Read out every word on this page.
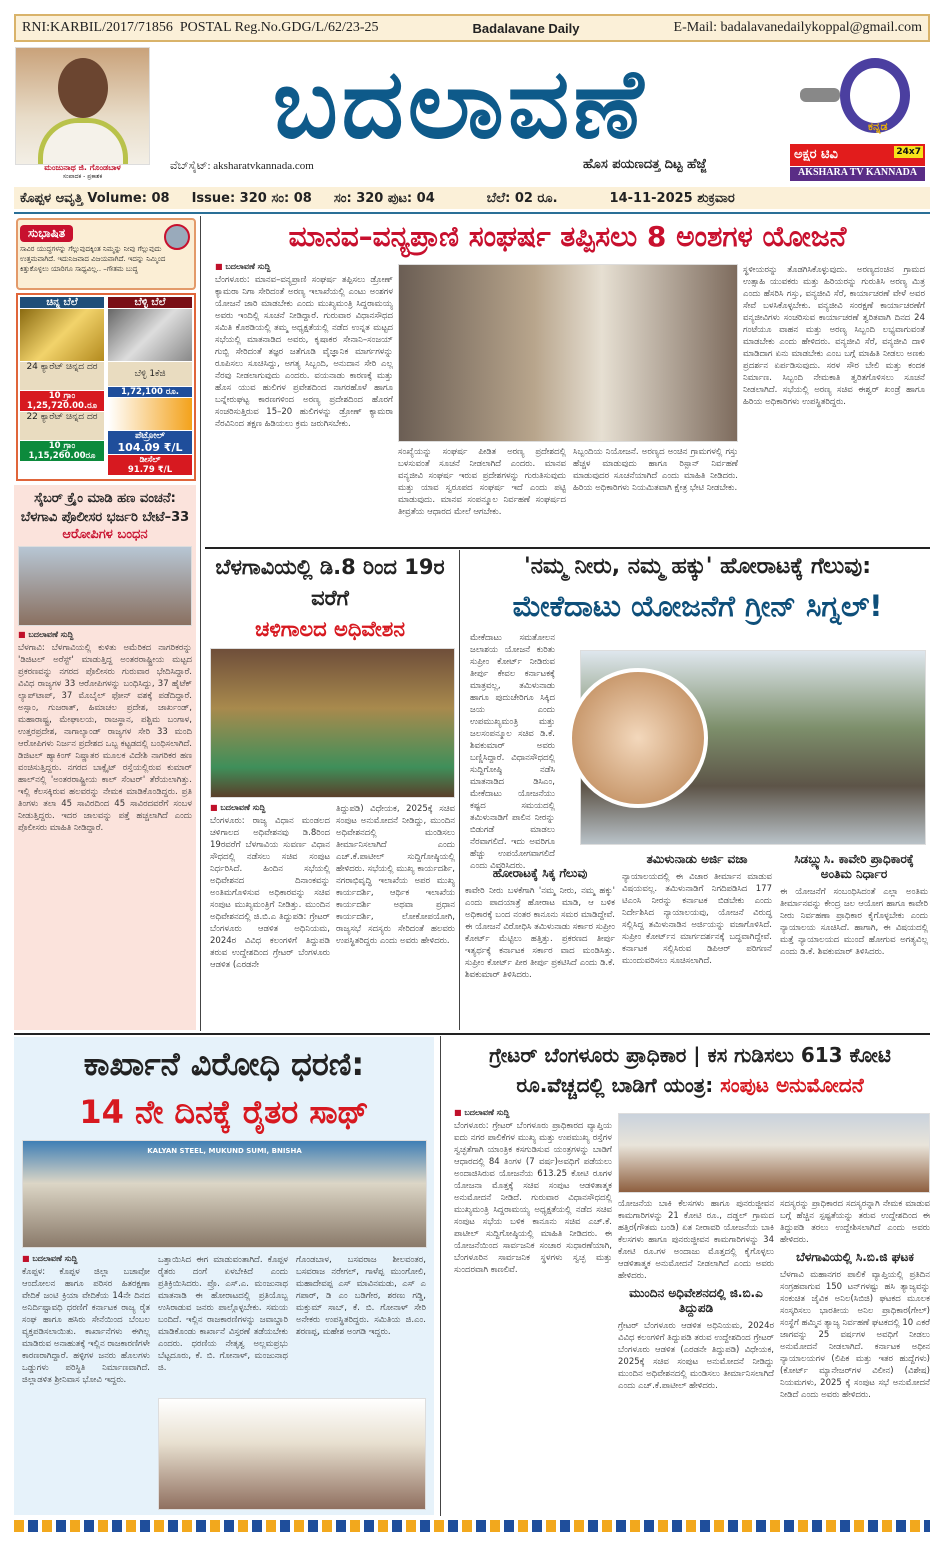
RNI:KARBIL/2017/71856 POSTAL Reg.No.GDG/L/62/23-25	Badalavane Daily	E-Mail: badalavanedailykoppal@gmail.com
ಮಂಜುನಾಥ ಜಿ. ಗೊಂಡಬಾಳ
ಸಂಪಾದಕ - ಪ್ರಕಾಶಕ
ಬದಲಾವಣೆ
ವೆಬ್‌ಸೈಟ್: aksharatvkannada.com	ಹೊಸ ಪಯಣದತ್ತ ದಿಟ್ಟ ಹೆಜ್ಜೆ
ಕನ್ನಡ
ಅಕ್ಷರ ಟಿವಿ	24x7
AKSHARA TV KANNADA
ಕೊಪ್ಪಳ ಆವೃತ್ತಿ Volume: 08 Issue: 320 ಸಂ: 08 ಸಂ: 320 ಪುಟ: 04	ಬೆಲೆ: 02 ರೂ.	14-11-2025 ಶುಕ್ರವಾರ
ಸುಭಾಷಿತ
ಸಾವಿರ ಯುದ್ಧಗಳನ್ನು ಗೆಲ್ಲುವುದಕ್ಕಿಂತ ನಿಮ್ಮನ್ನು ನೀವು ಗೆಲ್ಲುವುದು ಉತ್ತಮವಾಗಿದೆ. ಇದುನಿಜವಾದ ವಿಜಯವಾಗಿದೆ. ಇದನ್ನು ನಿಮ್ಮಿಂದ ಕಿತ್ತುಕೊಳ್ಳಲು ಯಾರಿಗೂ ಸಾಧ್ಯವಿಲ್ಲ.. –ಗೌತಮ ಬುದ್ಧ
ಚಿನ್ನ ಬೆಲೆ
24 ಕ್ಯಾರೆಟ್ ಚಿನ್ನದ ದರ
10 ಗ್ರಾಂ
1,25,720.00.ರೂ
22 ಕ್ಯಾರೆಟ್ ಚಿನ್ನದ ದರ
10 ಗ್ರಾಂ
1,15,260.00ರೂ
ಬೆಳ್ಳಿ ಬೆಲೆ
ಬೆಳ್ಳಿ 1ಕೆಜಿ
1,72,100 ರೂ.
ಪೆಟ್ರೋಲ್
104.09 ₹/L
ಡೀಸೆಲ್
91.79 ₹/L
ಸೈಬರ್ ಕ್ರೈಂ ಮಾಡಿ ಹಣ ವಂಚನೆ: ಬೆಳಗಾವಿ ಪೊಲೀಸರ ಭರ್ಜರಿ ಬೇಟೆ–33
ಆರೋಪಿಗಳ ಬಂಧನ
■ ಬದಲಾವಣೆ ಸುದ್ದಿ
ಬೆಳಗಾವಿ: ಬೆಳಗಾವಿಯಲ್ಲಿ ಕುಳಿತು ಅಮೆರಿಕದ ನಾಗರಿಕರನ್ನು 'ಡಿಜಿಟಲ್ ಅರೆಸ್ಟ್' ಮಾಡುತ್ತಿದ್ದ ಅಂತರರಾಷ್ಟ್ರೀಯ ಮಟ್ಟದ ಪ್ರಕರಣವನ್ನು ನಗರದ ಪೊಲೀಸರು ಗುರುವಾರ ಭೇದಿಸಿದ್ದಾರೆ. ವಿವಿಧ ರಾಜ್ಯಗಳ 33 ಆರೋಪಿಗಳನ್ನು ಬಂಧಿಸಿದ್ದು, 37 ಹೈಟೆಕ್ ಲ್ಯಾಪ್‌ಟಾಪ್, 37 ಮೊಬೈಲ್ ಫೋನ್ ವಶಕ್ಕೆ ಪಡೆದಿದ್ದಾರೆ. ಅಸ್ಸಾಂ, ಗುಜರಾತ್, ಹಿಮಾಚಲ ಪ್ರದೇಶ, ಜಾರ್ಖಂಡ್, ಮಹಾರಾಷ್ಟ್ರ, ಮೇಘಾಲಯ, ರಾಜಸ್ಥಾನ, ಪಶ್ಚಿಮ ಬಂಗಾಳ, ಉತ್ತರಪ್ರದೇಶ, ನಾಗಾಲ್ಯಾಂಡ್ ರಾಜ್ಯಗಳ ಸೇರಿ 33 ಮಂದಿ ಆರೋಪಿಗಳು ನಿರ್ಜನ ಪ್ರದೇಶದ ಒಬ್ಬ ಕಟ್ಟಡದಲ್ಲಿ ಬಂಧಿಸಲಾಗಿದೆ. ಡಿಜಿಟಲ್ ಹ್ಯಾಕಿಂಗ್ ನಿಷ್ಣಾತರ ಮೂಲಕ ವಿದೇಶಿ ನಾಗರಿಕರ ಹಣ ವಂಚಿಸುತ್ತಿದ್ದರು. ನಗರದ ಬಾಕ್ಸೈಟ್ ರಸ್ತೆಯಲ್ಲಿರುವ ಕುಮಾರ್ ಹಾಲ್‌ನಲ್ಲಿ 'ಅಂತರರಾಷ್ಟ್ರೀಯ ಕಾಲ್ ಸೆಂಟರ್' ತೆರೆಯಲಾಗಿತ್ತು. ಇಲ್ಲಿ ಕೆಲಸಕ್ಕಿರುವ ಹಲವರನ್ನು ನೇಮಕ ಮಾಡಿಕೊಂಡಿದ್ದರು. ಪ್ರತಿ ತಿಂಗಳು ತಲಾ 45 ಸಾವಿರದಿಂದ 45 ಸಾವಿರದವರೆಗೆ ಸಂಬಳ ನೀಡುತ್ತಿದ್ದರು. ಇದರ ಜಾಲವನ್ನು ಪತ್ತೆ ಹಚ್ಚಲಾಗಿದೆ ಎಂದು ಪೊಲೀಸರು ಮಾಹಿತಿ ನೀಡಿದ್ದಾರೆ.
ಮಾನವ–ವನ್ಯಪ್ರಾಣಿ ಸಂಘರ್ಷ ತಪ್ಪಿಸಲು 8 ಅಂಶಗಳ ಯೋಜನೆ
■ ಬದಲಾವಣೆ ಸುದ್ದಿ
ಬೆಂಗಳೂರು: ಮಾನವ–ವನ್ಯಪ್ರಾಣಿ ಸಂಘರ್ಷ ತಪ್ಪಿಸಲು ಡ್ರೋಣ್ ಕ್ಯಾಮರಾ ನಿಗಾ ಸೇರಿದಂತೆ ಅರಣ್ಯ ಇಲಾಖೆಯಲ್ಲಿ ಎಂಟು ಅಂಶಗಳ ಯೋಜನೆ ಜಾರಿ ಮಾಡಬೇಕು ಎಂದು ಮುಖ್ಯಮಂತ್ರಿ ಸಿದ್ದರಾಮಯ್ಯ ಅವರು ಇಂದಿಲ್ಲಿ ಸೂಚನೆ ನೀಡಿದ್ದಾರೆ. ಗುರುವಾರ ವಿಧಾನಸೌಧದ ಸಮಿತಿ ಕೊಠಡಿಯಲ್ಲಿ ತಮ್ಮ ಅಧ್ಯಕ್ಷತೆಯಲ್ಲಿ ನಡೆದ ಉನ್ನತ ಮಟ್ಟದ ಸಭೆಯಲ್ಲಿ ಮಾತನಾಡಿದ ಅವರು, ಕೃಷಾಕರ ಸೇನಾನಿ–ಸಂಜಯ್ ಗುಬ್ಬಿ ಸೇರಿದಂತೆ ತಜ್ಞರ ಜತೆಗೂಡಿ ವೈಜ್ಞಾನಿಕ ಮಾರ್ಗಗಳನ್ನು ರೂಪಿಸಲು ಸೂಚಿಸಿದ್ದು, ಅಗತ್ಯ ಸಿಬ್ಬಂದಿ, ಅನುದಾನ ಸೇರಿ ಎಲ್ಲ ನೆರವು ನೀಡಲಾಗುವುದು ಎಂದರು. ವಯನಾಡು ಕಾರಣಕ್ಕೆ ಮತ್ತು ಹೊಸ ಯುವ ಹುಲಿಗಳ ಪ್ರವೇಶದಿಂದ ನಾಗರಹೊಳೆ ಹಾಗೂ ಬನ್ನೇರುಘಟ್ಟ ಕಾರಣಗಳಿಂದ ಅರಣ್ಯ ಪ್ರದೇಶದಿಂದ ಹೊರಗೆ ಸಂಚರಿಸುತ್ತಿರುವ 15–20 ಹುಲಿಗಳನ್ನು ಡ್ರೋಣ್ ಕ್ಯಾಮರಾ ನೆರವಿನಿಂದ ತಕ್ಷಣ ಹಿಡಿಯಲು ಕ್ರಮ ಜರುಗಿಸಬೇಕು.
ಸಂಖ್ಯೆಯನ್ನು ಸಂಘರ್ಷ ಪೀಡಿತ ಅರಣ್ಯ ಪ್ರದೇಶದಲ್ಲಿ ಬಳಸುವಂತೆ ಸೂಚನೆ ನೀಡಲಾಗಿದೆ ಎಂದರು. ಮಾನವ ವನ್ಯಜೀವಿ ಸಂಘರ್ಷ ಇರುವ ಪ್ರದೇಶಗಳನ್ನು ಗುರುತಿಸುವುದು ಮತ್ತು ಯಾವ ಸ್ವರೂಪದ ಸಂಘರ್ಷ ಇದೆ ಎಂದು ಪಟ್ಟಿ ಮಾಡುವುದು. ಮಾನವ ಸಂಪನ್ಮೂಲ ನಿರ್ವಹಣೆ ಸಂಘರ್ಷದ ತೀವ್ರತೆಯ ಆಧಾರದ ಮೇಲೆ ಆಗಬೇಕು.
ಸಿಬ್ಬಂದಿಯ ನಿಯೋಜನೆ. ಅರಣ್ಯದ ಅಂಚಿನ ಗ್ರಾಮಗಳಲ್ಲಿ ಗಸ್ತು ಹೆಚ್ಚಳ ಮಾಡುವುದು ಹಾಗೂ ರಿಸ್ಪಾನ್ ನಿರ್ವಹಣೆ ಮಾಡುವುದರ ಸೂಚನೆಯಾಗಿದೆ ಎಂದು ಮಾಹಿತಿ ನೀಡಿದರು. ಹಿರಿಯ ಅಧಿಕಾರಿಗಳು ನಿಯಮಿತವಾಗಿ ಕ್ಷೇತ್ರ ಭೇಟಿ ನೀಡಬೇಕು.
ಸ್ಥಳೀಯರನ್ನು ತೊಡಗಿಸಿಕೊಳ್ಳುವುದು. ಅರಣ್ಯದಂಚಿನ ಗ್ರಾಮದ ಉತ್ಸಾಹಿ ಯುವಕರು ಮತ್ತು ಹಿರಿಯರನ್ನು ಗುರುತಿಸಿ ಅರಣ್ಯ ಮಿತ್ರ ಎಂದು ಹೆಸರಿಸಿ ಗಸ್ತು, ವನ್ಯಜೀವಿ ಸೆರೆ, ಕಾರ್ಯಾಚರಣೆ ವೇಳೆ ಅವರ ಸೇವೆ ಬಳಸಿಕೊಳ್ಳಬೇಕು. ವನ್ಯಜೀವಿ ಸಂರಕ್ಷಣೆ ಕಾರ್ಯಾಚರಣೆಗೆ ವನ್ಯಜೀವಿಗಳು ಸಂಚರಿಸುವ ಕಾರ್ಯಾಚರಣೆ ತ್ವರಿತವಾಗಿ ದಿನದ 24 ಗಂಟೆಯೂ ವಾಹನ ಮತ್ತು ಅರಣ್ಯ ಸಿಬ್ಬಂದಿ ಲಭ್ಯವಾಗುವಂತೆ ಮಾಡಬೇಕು ಎಂದು ಹೇಳಿದರು. ವನ್ಯಜೀವಿ ಸೆರೆ, ವನ್ಯಜೀವಿ ದಾಳಿ ಮಾಡಿದಾಗ ಏನು ಮಾಡಬೇಕು ಎಂಬ ಬಗ್ಗೆ ಮಾಹಿತಿ ನೀಡಲು ಅಣಕು ಪ್ರದರ್ಶನ ಏರ್ಪಡಿಸುವುದು. ಸರಳ ಸೌರ ಬೇಲಿ ಮತ್ತು ಕಂದಕ ನಿರ್ಮಾಣ. ಸಿಬ್ಬಂದಿ ನೇಮಕಾತಿ ತ್ವರಿತಗೊಳಿಸಲು ಸೂಚನೆ ನೀಡಲಾಗಿದೆ. ಸಭೆಯಲ್ಲಿ ಅರಣ್ಯ ಸಚಿವ ಈಶ್ವರ್ ಖಂಡ್ರೆ ಹಾಗೂ ಹಿರಿಯ ಅಧಿಕಾರಿಗಳು ಉಪಸ್ಥಿತರಿದ್ದರು.
ಬೆಳಗಾವಿಯಲ್ಲಿ ಡಿ.8 ರಿಂದ 19ರ ವರೆಗೆ
ಚಳಿಗಾಲದ ಅಧಿವೇಶನ
■ ಬದಲಾವಣೆ ಸುದ್ದಿ
ಬೆಂಗಳೂರು: ರಾಜ್ಯ ವಿಧಾನ ಮಂಡಲದ ಚಳಿಗಾಲದ ಅಧಿವೇಶನವು ಡಿ.8ರಿಂದ 19ರವರೆಗೆ ಬೆಳಗಾವಿಯ ಸುವರ್ಣ ವಿಧಾನ ಸೌಧದಲ್ಲಿ ನಡೆಸಲು ಸಚಿವ ಸಂಪುಟ ನಿರ್ಧರಿಸಿದೆ. ಹಿಂದಿನ ಸಭೆಯಲ್ಲಿ ಅಧಿವೇಶನದ ದಿನಾಂಕವನ್ನು ಅಂತಿಮಗೊಳಿಸುವ ಅಧಿಕಾರವನ್ನು ಸಚಿವ ಸಂಪುಟ ಮುಖ್ಯಮಂತ್ರಿಗೆ ನೀಡಿತ್ತು. ಮುಂದಿನ ಅಧಿವೇಶನದಲ್ಲಿ ಜಿ.ಬಿ.ಎ ತಿದ್ದುಪಡಿ: ಗ್ರೇಟರ್ ಬೆಂಗಳೂರು ಆಡಳಿತ ಅಧಿನಿಯಮ, 2024ರ ವಿವಿಧ ಕಲಂಗಳಿಗೆ ತಿದ್ದುಪಡಿ ತರುವ ಉದ್ದೇಶದಿಂದ ಗ್ರೇಟರ್ ಬೆಂಗಳೂರು ಆಡಳಿತ (ಎರಡನೇ
ತಿದ್ದುಪಡಿ) ವಿಧೇಯಕ, 2025ಕ್ಕೆ ಸಚಿವ ಸಂಪುಟ ಅನುಮೋದನೆ ನೀಡಿದ್ದು, ಮುಂದಿನ ಅಧಿವೇಶನದಲ್ಲಿ ಮಂಡಿಸಲು ತೀರ್ಮಾನಿಸಲಾಗಿದೆ ಎಂದು ಎಚ್.ಕೆ.ಪಾಟೀಲ್ ಸುದ್ದಿಗೋಷ್ಠಿಯಲ್ಲಿ ಹೇಳಿದರು. ಸಭೆಯಲ್ಲಿ ಮುಖ್ಯ ಕಾರ್ಯದರ್ಶಿ, ನಗರಾಭಿವೃದ್ಧಿ ಇಲಾಖೆಯ ಅಪರ ಮುಖ್ಯ ಕಾರ್ಯದರ್ಶಿ, ಆರ್ಥಿಕ ಇಲಾಖೆಯ ಕಾರ್ಯದರ್ಶಿ ಅಥವಾ ಪ್ರಧಾನ ಕಾರ್ಯದರ್ಶಿ, ಲೋಕೋಪಯೋಗಿ, ರಾಜ್ಯಸಭೆ ಸದಸ್ಯರು ಸೇರಿದಂತೆ ಹಲವರು ಉಪಸ್ಥಿತರಿದ್ದರು ಎಂದು ಅವರು ಹೇಳಿದರು.
'ನಮ್ಮ ನೀರು, ನಮ್ಮ ಹಕ್ಕು' ಹೋರಾಟಕ್ಕೆ ಗೆಲುವು:
ಮೇಕೆದಾಟು ಯೋಜನೆಗೆ ಗ್ರೀನ್ ಸಿಗ್ನಲ್!
ಮೇಕೆದಾಟು ಸಮತೋಲನ ಜಲಾಶಯ ಯೋಜನೆ ಕುರಿತು ಸುಪ್ರೀಂ ಕೋರ್ಟ್ ನೀಡಿರುವ ತೀರ್ಪು ಕೇವಲ ಕರ್ನಾಟಕಕ್ಕೆ ಮಾತ್ರವಲ್ಲ, ತಮಿಳುನಾಡು ಹಾಗೂ ಪುದುಚೇರಿಗೂ ಸಿಕ್ಕಿದ ಜಯ ಎಂದು ಉಪಮುಖ್ಯಮಂತ್ರಿ ಮತ್ತು ಜಲಸಂಪನ್ಮೂಲ ಸಚಿವ ಡಿ.ಕೆ. ಶಿವಕುಮಾರ್ ಅವರು ಬಣ್ಣಿಸಿದ್ದಾರೆ. ವಿಧಾನಸೌಧದಲ್ಲಿ ಸುದ್ದಿಗೋಷ್ಠಿ ನಡೆಸಿ ಮಾತನಾಡಿದ ಡಿಸಿಎಂ, ಮೇಕೆದಾಟು ಯೋಜನೆಯು ಕಷ್ಟದ ಸಮಯದಲ್ಲಿ ತಮಿಳುನಾಡಿಗೆ ಪಾಲಿನ ನೀರನ್ನು ಬಿಡುಗಡೆ ಮಾಡಲು ನೆರವಾಗಲಿದೆ. ಇದು ಅವರಿಗೂ ಹೆಚ್ಚು ಉಪಯೋಗವಾಗಲಿದೆ ಎಂದು ವಿವರಿಸಿದರು.
ಹೋರಾಟಕ್ಕೆ ಸಿಕ್ಕ ಗೆಲುವು
ಕಾವೇರಿ ನೀರು ಬಳಕೆಗಾಗಿ 'ನಮ್ಮ ನೀರು, ನಮ್ಮ ಹಕ್ಕು' ಎಂದು ಪಾದಯಾತ್ರೆ ಹೋರಾಟ ಮಾಡಿ, ಆ ಬಳಿಕ ಅಧಿಕಾರಕ್ಕೆ ಬಂದ ನಂತರ ಕಾನೂನು ಸಮರ ಮಾಡಿದ್ದೇವೆ. ಈ ಯೋಜನೆ ವಿರೋಧಿಸಿ ತಮಿಳುನಾಡು ಸರ್ಕಾರ ಸುಪ್ರೀಂ ಕೋರ್ಟ್ ಮೆಟ್ಟಿಲು ಹತ್ತಿತ್ತು. ಪ್ರಕರಣದ ತೀರ್ಪು ಇತ್ಯರ್ಥಕ್ಕೆ ಕರ್ನಾಟಕ ಸರ್ಕಾರ ವಾದ ಮಂಡಿಸಿತ್ತು. ಸುಪ್ರೀಂ ಕೋರ್ಟ್ ಪೀಠ ತೀರ್ಪು ಪ್ರಕಟಿಸಿದೆ ಎಂದು ಡಿ.ಕೆ. ಶಿವಕುಮಾರ್ ತಿಳಿಸಿದರು.
ತಮಿಳುನಾಡು ಅರ್ಜಿ ವಜಾ
ನ್ಯಾಯಾಲಯದಲ್ಲಿ ಈ ವಿಚಾರ ತೀರ್ಮಾನ ಮಾಡುವ ವಿಷಯವಲ್ಲ. ತಮಿಳುನಾಡಿಗೆ ನಿಗದಿಪಡಿಸಿದ 177 ಟಿಎಂಸಿ ನೀರನ್ನು ಕರ್ನಾಟಕ ಬಿಡಬೇಕು ಎಂದು ನಿರ್ದೇಶಿಸಿದ ನ್ಯಾಯಾಲಯವು, ಯೋಜನೆ ವಿರುದ್ಧ ಸಲ್ಲಿಸಿದ್ದ ತಮಿಳುನಾಡಿನ ಅರ್ಜಿಯನ್ನು ವಜಾಗೊಳಿಸಿದೆ. ಸುಪ್ರೀಂ ಕೋರ್ಟ್‌ನ ಮಾರ್ಗದರ್ಶನಕ್ಕೆ ಬದ್ಧವಾಗಿದ್ದೇವೆ. ಕರ್ನಾಟಕ ಸಲ್ಲಿಸಿರುವ ಡಿಪಿಆರ್ ಪರಿಗಣನೆ ಮುಂದುವರಿಸಲು ಸೂಚಿಸಲಾಗಿದೆ.
ಸಿಡಬ್ಲ್ಯುಸಿ. ಕಾವೇರಿ ಪ್ರಾಧಿಕಾರಕ್ಕೆ ಅಂತಿಮ ನಿರ್ಧಾರ
ಈ ಯೋಜನೆಗೆ ಸಂಬಂಧಿಸಿದಂತೆ ಎಲ್ಲಾ ಅಂತಿಮ ತೀರ್ಮಾನವನ್ನು ಕೇಂದ್ರ ಜಲ ಆಯೋಗ ಹಾಗೂ ಕಾವೇರಿ ನೀರು ನಿರ್ವಹಣಾ ಪ್ರಾಧಿಕಾರ ಕೈಗೊಳ್ಳಬೇಕು ಎಂದು ನ್ಯಾಯಾಲಯ ಸೂಚಿಸಿದೆ. ಹಾಗಾಗಿ, ಈ ವಿಷಯದಲ್ಲಿ ಮತ್ತೆ ನ್ಯಾಯಾಲಯದ ಮುಂದೆ ಹೋಗುವ ಅಗತ್ಯವಿಲ್ಲ ಎಂದು ಡಿ.ಕೆ. ಶಿವಕುಮಾರ್ ತಿಳಿಸಿದರು.
ಕಾರ್ಖಾನೆ ವಿರೋಧಿ ಧರಣಿ:
14 ನೇ ದಿನಕ್ಕೆ ರೈತರ ಸಾಥ್
KALYAN STEEL, MUKUND SUMI, BNISHA
■ ಬದಲಾವಣೆ ಸುದ್ದಿ
ಕೊಪ್ಪಳ: ಕೊಪ್ಪಳ ಜಿಲ್ಲಾ ಬಚಾವೋ ಆಂದೋಲನ ಹಾಗೂ ಪರಿಸರ ಹಿತರಕ್ಷಣಾ ವೇದಿಕೆ ಜಂಟಿ ಕ್ರಿಯಾ ವೇದಿಕೆಯ 14ನೇ ದಿನದ ಅನಿರ್ದಿಷ್ಟಾವಧಿ ಧರಣಿಗೆ ಕರ್ನಾಟಕ ರಾಜ್ಯ ರೈತ ಸಂಘ ಹಾಗೂ ಹಸಿರು ಸೇನೆಯಿಂದ ಬೆಂಬಲ ವ್ಯಕ್ತಪಡಿಸಲಾಯಿತು. ಕಾರ್ಖಾನೆಗಳು ಈಗಿಲ್ಲ ಮಾಡಿರುವ ಅನಾಹುತಕ್ಕೆ ಇಲ್ಲಿನ ರಾಜಕಾರಣಿಗಳೇ ಕಾರಣರಾಗಿದ್ದಾರೆ. ಹಳ್ಳಿಗಳ ಜನರು ಹೊಲಗಳು ಒಡ್ಡುಗಳು ಪರಿಸ್ಥಿತಿ ನಿರ್ಮಾಣವಾಗಿದೆ. ಜಿಲ್ಲಾಡಳಿತ ಶ್ರೀನಿವಾಸ ಭೋವಿ ಇದ್ದರು.
ಒತ್ತಾಯಿಸಿದ ಈಗ ಮಾಡುವಂತಾಗಿದೆ. ಕೊಪ್ಪಳ ರೈತರು ದಂಗೆ ಏಳಬೇಕಿದೆ ಎಂದು ಪ್ರತಿಕ್ರಿಯಿಸಿದರು. ಪ್ರೊ. ಎಸ್.ಎ. ಮಂಜುನಾಥ ಮಾತನಾಡಿ ಈ ಹೋರಾಟದಲ್ಲಿ ಪ್ರತಿಯೊಬ್ಬ ಉಸಿರಾಡುವ ಜನರು ಪಾಲ್ಗೊಳ್ಳಬೇಕು. ಸಮಯ ಬಂದಿದೆ. ಇಲ್ಲಿನ ರಾಜಕಾರಣಿಗಳನ್ನು ಜವಾಬ್ದಾರಿ ಮಾಡಿಕೊಂಡು ಕಾರ್ಖಾನೆ ವಿಸ್ತರಣೆ ತಡೆಯಬೇಕು ಎಂದರು. ಧರಣಿಯ ನೇತೃತ್ವ ಅಲ್ಲಮಪ್ರಭು ಬೆಟ್ಟದೂರು, ಕೆ. ಬಿ. ಗೋನಾಳ್, ಮಂಜುನಾಥ ಜಿ.
ಗೊಂಡಬಾಳ, ಬಸವರಾಜ ಶೀಲವಂತರ, ಬಸವರಾಜ ನರೇಗಲ್, ಗಾಳೆಪ್ಪ ಮುಂಗೋಲಿ, ಮಹಾದೇವಪ್ಪ ಎಸ್ ಮಾವಿನಮಡು, ಎಸ್ ಎ ಗಪಾರ್, ಡಿ ಎಂ ಬಡಿಗೇರ, ಶರಣು ಗಡ್ಡಿ, ಮಕ್ತುಮ್ ಸಾಬ್, ಕೆ. ಬಿ. ಗೋನಾಳ್ ಸೇರಿ ಅನೇಕರು ಉಪಸ್ಥಿತರಿದ್ದರು. ಸಮಿತಿಯ ಜಿ.ಎಂ. ಶರಣಪ್ಪ, ಮಹೇಶ ಅಂಗಡಿ ಇದ್ದರು.
ಗ್ರೇಟರ್ ಬೆಂಗಳೂರು ಪ್ರಾಧಿಕಾರ | ಕಸ ಗುಡಿಸಲು 613 ಕೋಟಿ
ರೂ.ವೆಚ್ಚದಲ್ಲಿ ಬಾಡಿಗೆ ಯಂತ್ರ: ಸಂಪುಟ ಅನುಮೋದನೆ
■ ಬದಲಾವಣೆ ಸುದ್ದಿ
ಬೆಂಗಳೂರು: ಗ್ರೇಟರ್ ಬೆಂಗಳೂರು ಪ್ರಾಧಿಕಾರದ ವ್ಯಾಪ್ತಿಯ ಐದು ನಗರ ಪಾಲಿಕೆಗಳ ಮುಖ್ಯ ಮತ್ತು ಉಪಮುಖ್ಯ ರಸ್ತೆಗಳ ಸ್ವಚ್ಛತೆಗಾಗಿ ಯಾಂತ್ರಿಕ ಕಸಗುಡಿಸುವ ಯಂತ್ರಗಳನ್ನು ಬಾಡಿಗೆ ಆಧಾರದಲ್ಲಿ 84 ತಿಂಗಳ (7 ವರ್ಷ)ಅವಧಿಗೆ ಪಡೆಯಲು ಅಂದಾಜಿಸಿರುವ ಯೋಜನೆಯ 613.25 ಕೋಟಿ ರೂಗಳ ಯೋಜನಾ ಮೊತ್ತಕ್ಕೆ ಸಚಿವ ಸಂಪುಟ ಆಡಳಿತಾತ್ಮಕ ಅನುಮೋದನೆ ನೀಡಿದೆ. ಗುರುವಾರ ವಿಧಾನಸೌಧದಲ್ಲಿ ಮುಖ್ಯಮಂತ್ರಿ ಸಿದ್ದರಾಮಯ್ಯ ಅಧ್ಯಕ್ಷತೆಯಲ್ಲಿ ನಡೆದ ಸಚಿವ ಸಂಪುಟ ಸಭೆಯ ಬಳಿಕ ಕಾನೂನು ಸಚಿವ ಎಚ್.ಕೆ. ಪಾಟೀಲ್ ಸುದ್ದಿಗೋಷ್ಠಿಯಲ್ಲಿ ಮಾಹಿತಿ ನೀಡಿದರು. ಈ ಯೋಜನೆಯಿಂದ ಸಾರ್ವಜನಿಕ ಸಂಚಾರ ಸುಧಾರಣೆಯಾಗಿ, ಬೆಂಗಳೂರಿನ ಸಾರ್ವಜನಿಕ ಸ್ಥಳಗಳು ಸ್ವಚ್ಛ ಮತ್ತು ಸುಂದರವಾಗಿ ಕಾಣಲಿವೆ.
ಯೋಜನೆಯ ಬಾಕಿ ಕೆಲಸಗಳು ಹಾಗೂ ಪುನರುಜ್ಜೀವನ ಕಾಮಗಾರಿಗಳನ್ನು 21 ಕೋಟಿ ರೂ., ದಡ್ಡಲ್ ಗ್ರಾಮದ ಹತ್ತಿರ(ಗೌತಮ ಬಂಡಿ) ಏತ ನೀರಾವರಿ ಯೋಜನೆಯ ಬಾಕಿ ಕೆಲಸಗಳು ಹಾಗೂ ಪುನರುಜ್ಜೀವನ ಕಾಮಗಾರಿಗಳನ್ನು 34 ಕೋಟಿ ರೂ.ಗಳ ಅಂದಾಜು ಮೊತ್ತದಲ್ಲಿ ಕೈಗೊಳ್ಳಲು ಆಡಳಿತಾತ್ಮಕ ಅನುಮೋದನೆ ನೀಡಲಾಗಿದೆ ಎಂದು ಅವರು ಹೇಳಿದರು.
ಮುಂದಿನ ಅಧಿವೇಶನದಲ್ಲಿ ಜಿ.ಬಿ.ಎ ತಿದ್ದುಪಡಿ
ಗ್ರೇಟರ್ ಬೆಂಗಳೂರು ಆಡಳಿತ ಅಧಿನಿಯಮ, 2024ರ ವಿವಿಧ ಕಲಂಗಳಿಗೆ ತಿದ್ದುಪಡಿ ತರುವ ಉದ್ದೇಶದಿಂದ ಗ್ರೇಟರ್ ಬೆಂಗಳೂರು ಆಡಳಿತ (ಎರಡನೇ ತಿದ್ದುಪಡಿ) ವಿಧೇಯಕ, 2025ಕ್ಕೆ ಸಚಿವ ಸಂಪುಟ ಅನುಮೋದನೆ ನೀಡಿದ್ದು ಮುಂದಿನ ಅಧಿವೇಶನದಲ್ಲಿ ಮಂಡಿಸಲು ತೀರ್ಮಾನಿಸಲಾಗಿದೆ ಎಂದು ಎಚ್.ಕೆ.ಪಾಟೀಲ್ ಹೇಳಿದರು.
ಸದಸ್ಯರನ್ನು ಪ್ರಾಧಿಕಾರದ ಸದಸ್ಯರನ್ನಾಗಿ ನೇಮಕ ಮಾಡುವ ಬಗ್ಗೆ ಹೆಚ್ಚಿನ ಸ್ಪಷ್ಟತೆಯನ್ನು ತರುವ ಉದ್ದೇಶದಿಂದ ಈ ತಿದ್ದುಪಡಿ ತರಲು ಉದ್ದೇಶಿಸಲಾಗಿದೆ ಎಂದು ಅವರು ಹೇಳಿದರು.
ಬೆಳಗಾವಿಯಲ್ಲಿ ಸಿ.ಬಿ.ಜಿ ಘಟಕ
ಬೆಳಗಾವಿ ಮಹಾನಗರ ಪಾಲಿಕೆ ವ್ಯಾಪ್ತಿಯಲ್ಲಿ ಪ್ರತಿದಿನ ಸಂಗ್ರಹವಾಗುವ 150 ಟನ್‌ಗಳಷ್ಟು ಹಸಿ ತ್ಯಾಜ್ಯವನ್ನು ಸಂಕುಚಿತ ಜೈವಿಕ ಅನಿಲ(ಸಿಬಿಜಿ) ಘಟಕದ ಮೂಲಕ ಸಂಸ್ಕರಿಸಲು ಭಾರತೀಯ ಅನಿಲ ಪ್ರಾಧಿಕಾರ(ಗೇಲ್) ಸಂಸ್ಥೆಗೆ ಹಮ್ಮಿನ ತ್ಯಾಜ್ಯ ನಿರ್ವಹಣೆ ಘಟಕದಲ್ಲಿ 10 ಎಕರೆ ಜಾಗವನ್ನು 25 ವರ್ಷಗಳ ಅವಧಿಗೆ ನೀಡಲು ಅನುಮೋದನೆ ನೀಡಲಾಗಿದೆ. ಕರ್ನಾಟಕ ಅಧೀನ ನ್ಯಾಯಾಲಯಗಳ (ಲಿಪಿಕ ಮತ್ತು ಇತರ ಹುದ್ದೆಗಳು) (ಕೋರ್ಟ್ ಮ್ಯಾನೇಜರ್‌ಗಳ ವಿಲೀನ) (ವಿಶೇಷ) ನಿಯಮಗಳು, 2025 ಕ್ಕೆ ಸಂಪುಟ ಸಭೆ ಅನುಮೋದನೆ ನೀಡಿದೆ ಎಂದು ಅವರು ಹೇಳಿದರು.
